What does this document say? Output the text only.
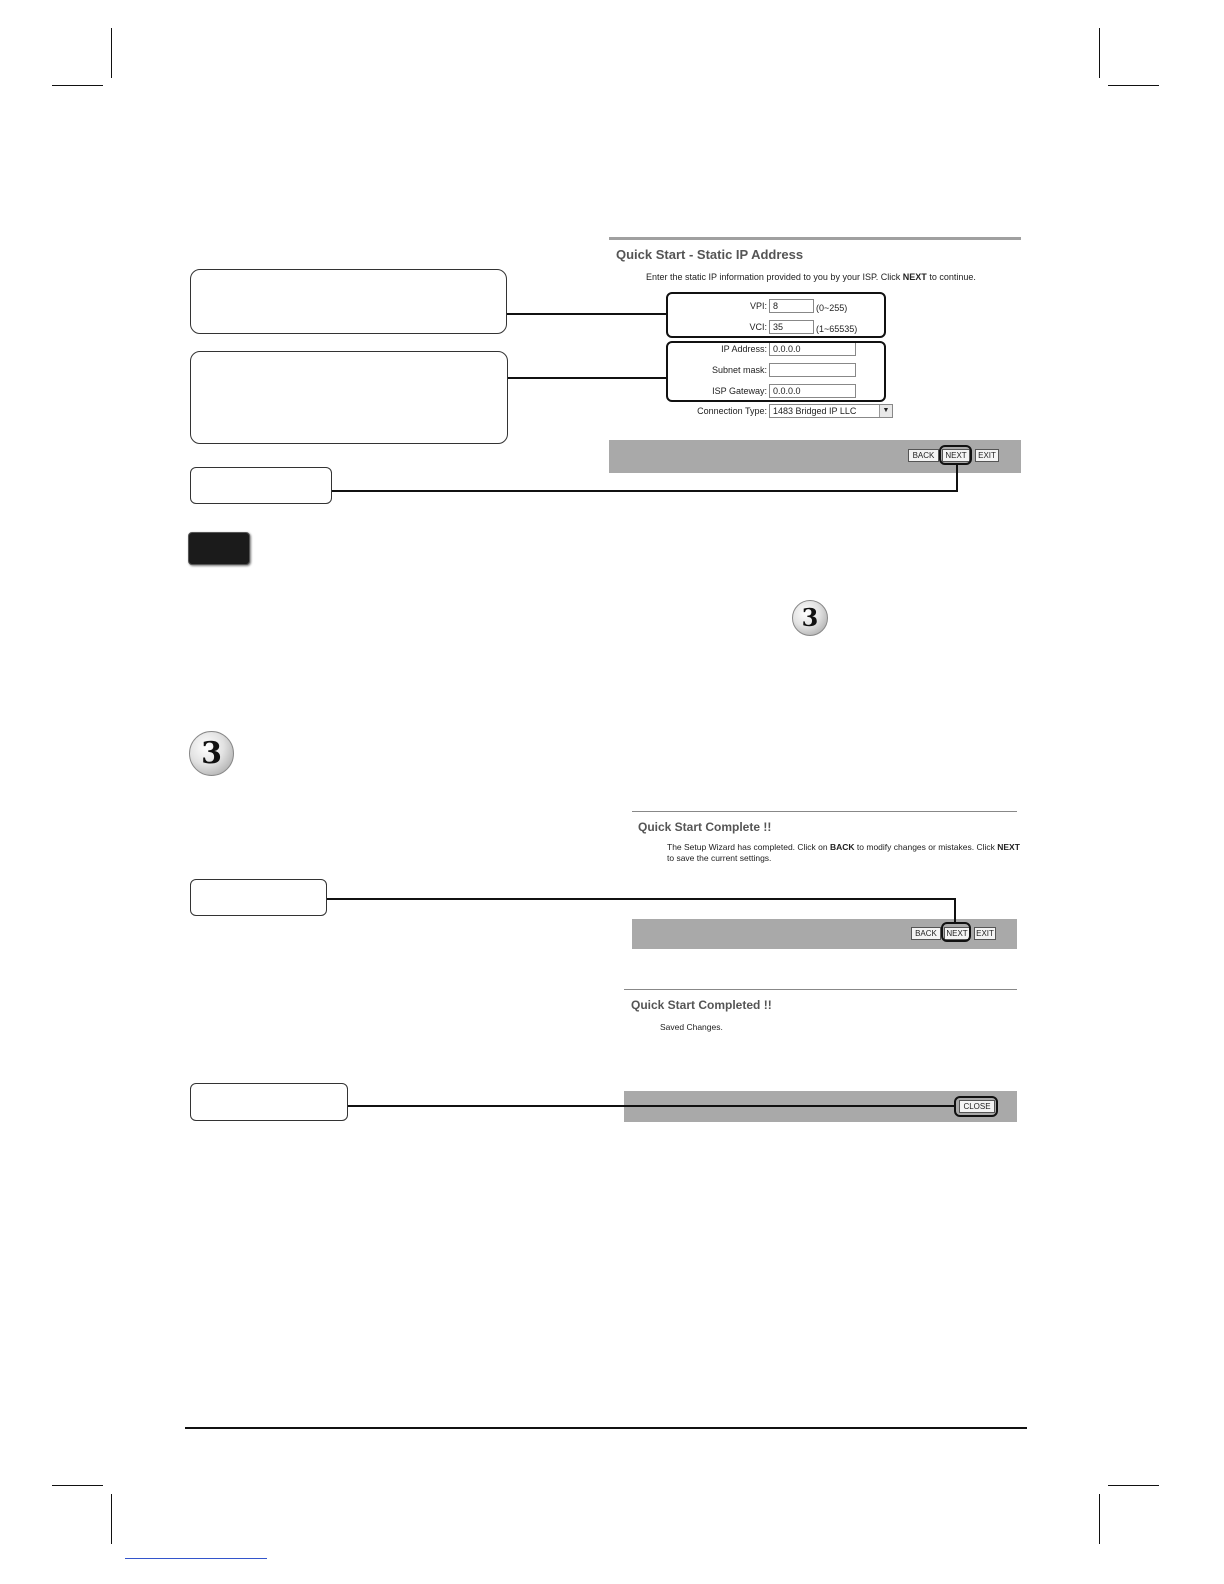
Quick Start - Static IP Address
Enter the static IP information provided to you by your ISP. Click NEXT to continue.
VPI:
8	(0~255)
VCI:
35	(1~65535)
IP Address:
0.0.0.0
Subnet mask:
ISP Gateway:
0.0.0.0
Connection Type: 1483 Bridged IP LLC	▼
BACK	NEXT	EXIT
3
3
Quick Start Complete !!
The Setup Wizard has completed. Click on BACK to modify changes or mistakes. Click NEXT
to save the current settings.
BACK	NEXT EXIT
Quick Start Completed !!
Saved Changes.
CLOSE
